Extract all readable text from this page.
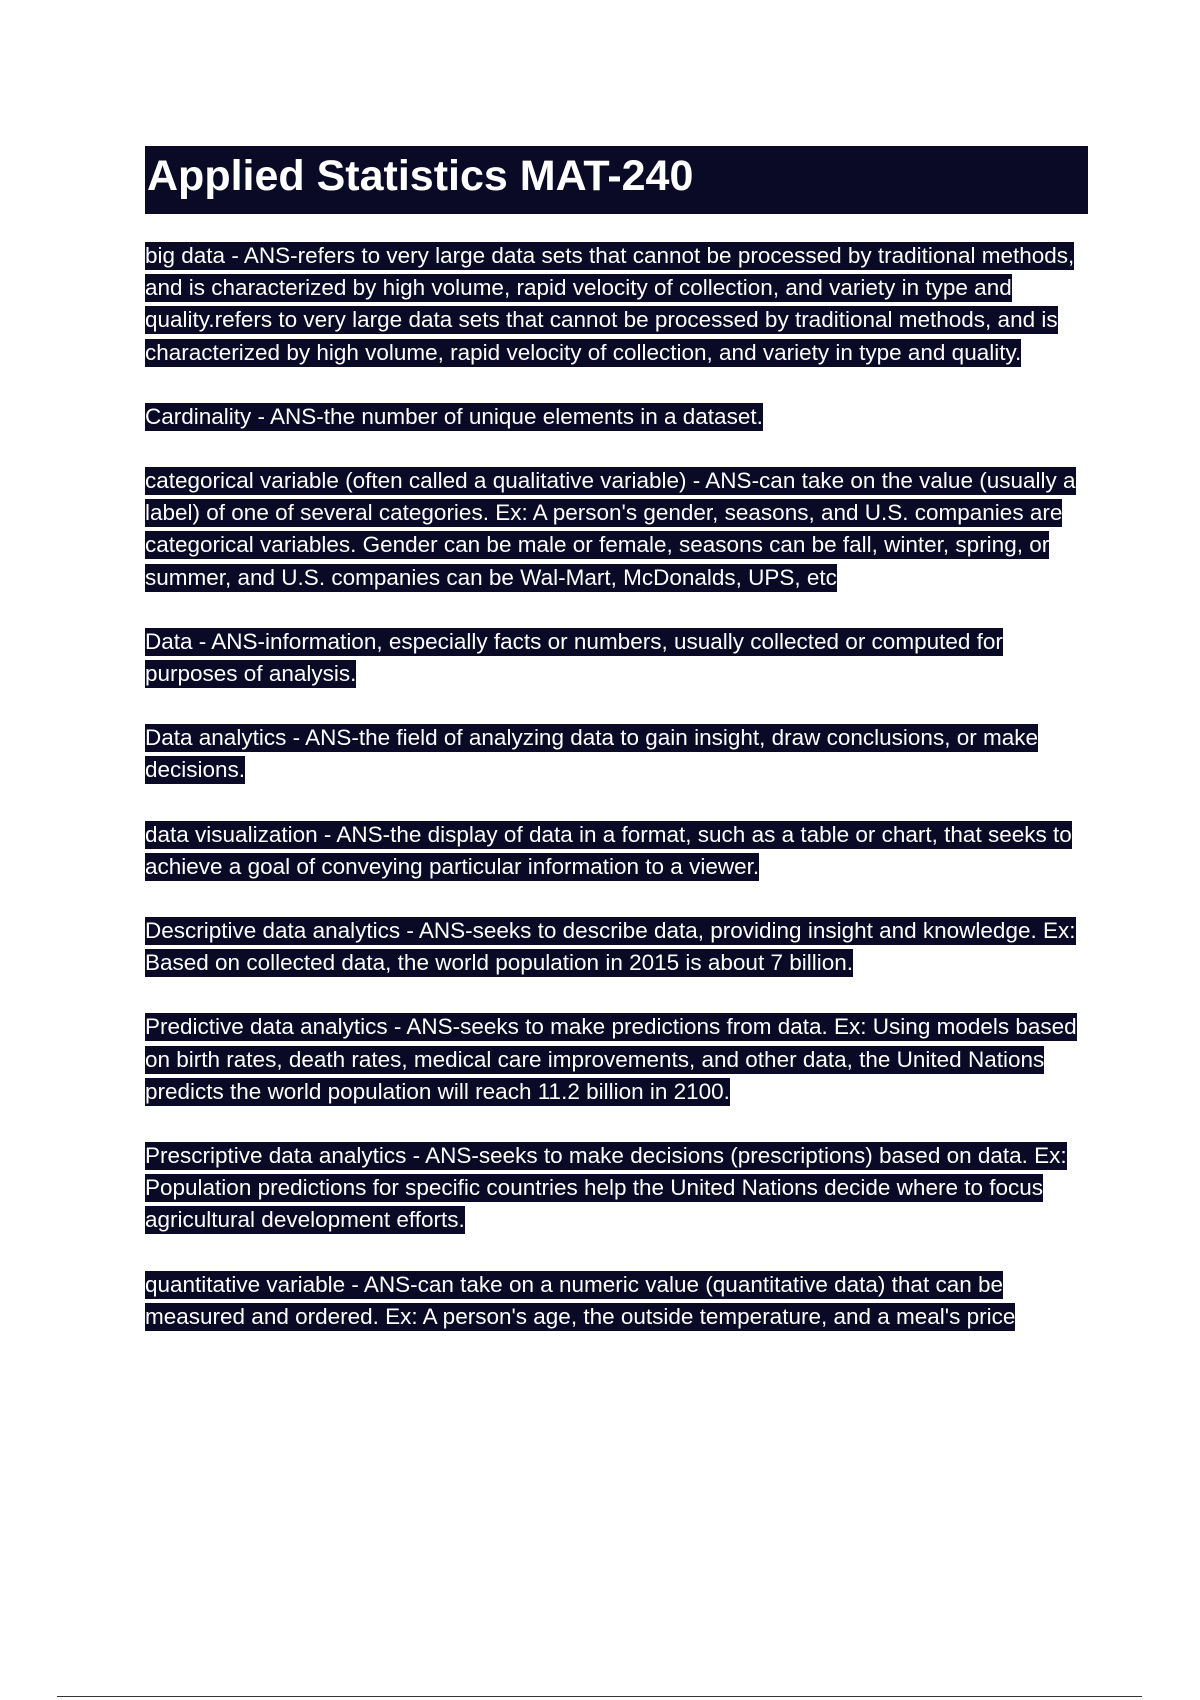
Applied Statistics MAT-240

big data - ANS-refers to very large data sets that cannot be processed by traditional methods, and is characterized by high volume, rapid velocity of collection, and variety in type and quality.refers to very large data sets that cannot be processed by traditional methods, and is characterized by high volume, rapid velocity of collection, and variety in type and quality.

Cardinality - ANS-the number of unique elements in a dataset.

categorical variable (often called a qualitative variable) - ANS-can take on the value (usually a label) of one of several categories. Ex: A person's gender, seasons, and U.S. companies are categorical variables. Gender can be male or female, seasons can be fall, winter, spring, or summer, and U.S. companies can be Wal-Mart, McDonalds, UPS, etc

Data - ANS-information, especially facts or numbers, usually collected or computed for purposes of analysis.

Data analytics - ANS-the field of analyzing data to gain insight, draw conclusions, or make decisions.

data visualization - ANS-the display of data in a format, such as a table or chart, that seeks to achieve a goal of conveying particular information to a viewer.

Descriptive data analytics - ANS-seeks to describe data, providing insight and knowledge. Ex: Based on collected data, the world population in 2015 is about 7 billion.

Predictive data analytics - ANS-seeks to make predictions from data. Ex: Using models based on birth rates, death rates, medical care improvements, and other data, the United Nations predicts the world population will reach 11.2 billion in 2100.

Prescriptive data analytics - ANS-seeks to make decisions (prescriptions) based on data. Ex: Population predictions for specific countries help the United Nations decide where to focus agricultural development efforts.

quantitative variable - ANS-can take on a numeric value (quantitative data) that can be measured and ordered. Ex: A person's age, the outside temperature, and a meal's price
